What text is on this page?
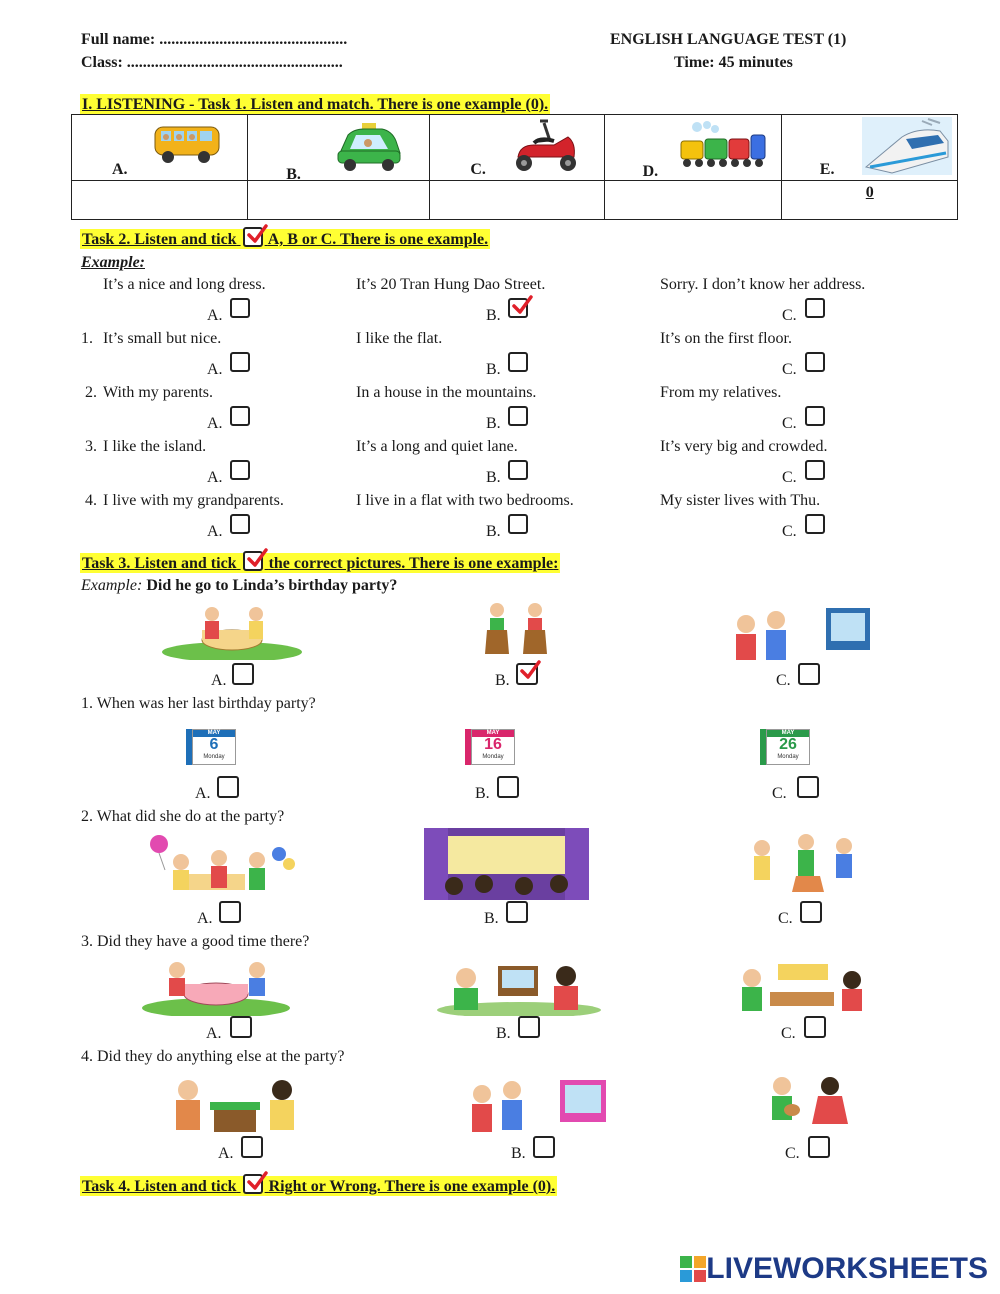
Full name: ...............................................
Class: ......................................................
ENGLISH LANGUAGE TEST (1)
Time: 45 minutes
I. LISTENING - Task 1. Listen and match. There is one example (0).
A.	B.	C.	D.	E.

				0
Task 2. Listen and tick A, B or C. There is one example.
Example:
It’s a nice and long dress.
A.
It’s 20 Tran Hung Dao Street.
B.
Sorry. I don’t know her address.
C.
1. It’s small but nice.
A.
I like the flat.
B.
It’s on the first floor.
C.
2. With my parents.
A.
In a house in the mountains.
B.
From my relatives.
C.
3. I like the island.
A.
It’s a long and quiet lane.
B.
It’s very big and crowded.
C.
4. I live with my grandparents.
A.
I live in a flat with two bedrooms.
B.
My sister lives with Thu.
C.
Task 3. Listen and tick the correct pictures. There is one example:
Example: Did he go to Linda’s birthday party?
MAY
6
Monday
MAY
16
Monday
MAY
26
Monday
1. When was her last birthday party?
2. What did she do at the party?
3. Did they have a good time there?
4. Did they do anything else at the party?
A.	B.	C.
A.	B.	C.
A.	B.	C.
A.	B.	C.
A.	B.	C.
Task 4. Listen and tick Right or Wrong. There is one example (0).
LIVEWORKSHEETS
